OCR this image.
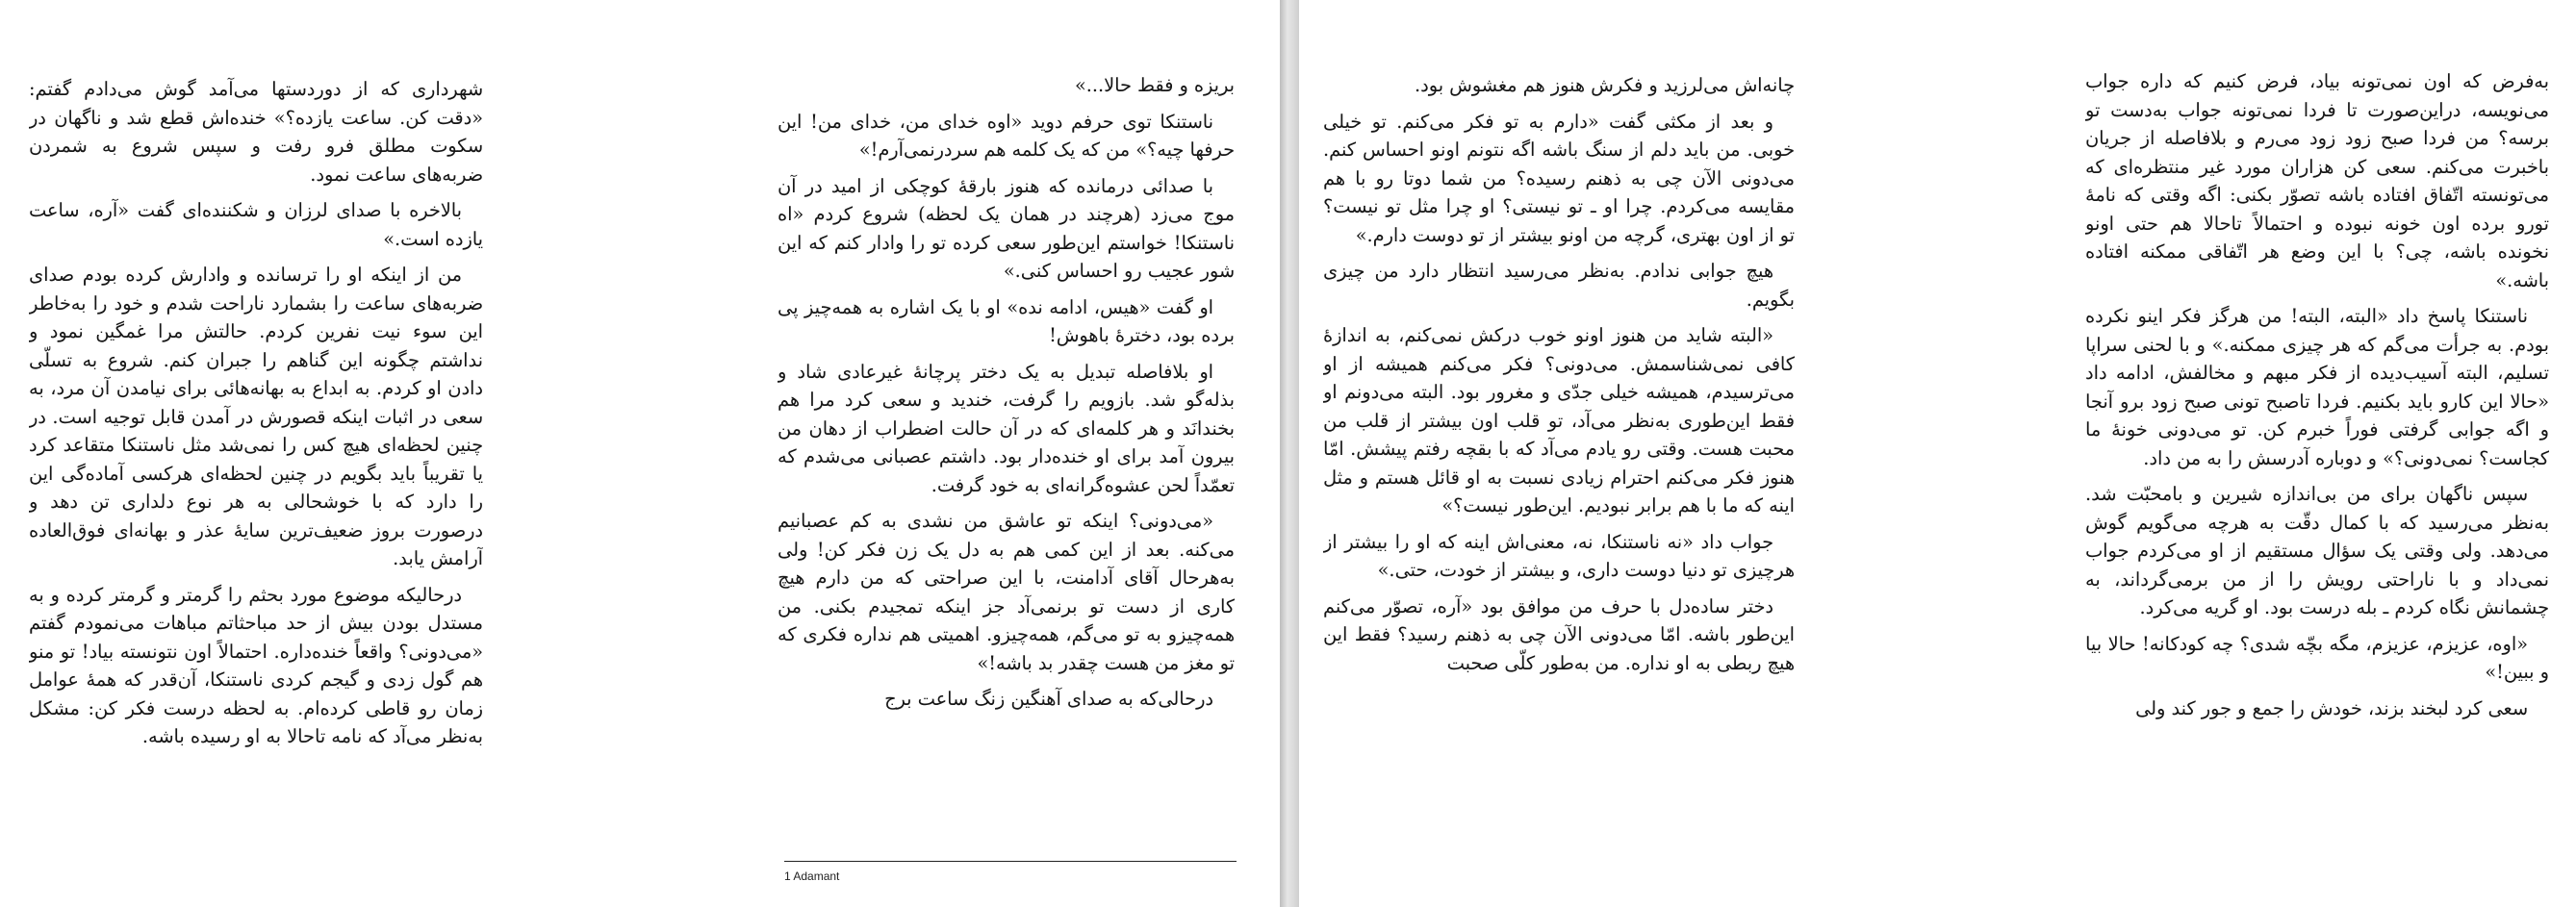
شهرداری که از دوردستها می‌آمد گوش می‌دادم گفتم: «دقت کن. ساعت یازده؟» خنده‌اش قطع شد و ناگهان در سکوت مطلق فرو رفت و سپس شروع به شمردن ضربه‌های ساعت نمود.

بالاخره با صدای لرزان و شکننده‌ای گفت «آره، ساعت یازده است.»

من از اینکه او را ترسانده و وادارش کرده بودم صدای ضربه‌های ساعت را بشمارد ناراحت شدم و خود را به‌خاطر این سوء نیت نفرین کردم. حالتش مرا غمگین نمود و نداشتم چگونه این گناهم را جبران کنم. شروع به تسلّی دادن او کردم. به ابداع به بهانه‌هائی برای نیامدن آن مرد، به سعی در اثبات اینکه قصورش در آمدن قابل توجیه است. در چنین لحظه‌ای هیچ کس را نمی‌شد مثل ناستنکا متقاعد کرد یا تقریباً باید بگویم در چنین لحظه‌ای هرکسی آماده‌گی این را دارد که با خوشحالی به هر نوع دلداری تن دهد و درصورت بروز ضعیف‌ترین سایهٔ عذر و بهانه‌ای فوق‌العاده آرامش یابد.

درحالیکه موضوع مورد بحثم را گرمتر و گرمتر کرده و به مستدل بودن بیش از حد مباحثاتم مباهات می‌نمودم گفتم «می‌دونی؟ واقعاً خنده‌داره. احتمالاً اون نتونسته بیاد! تو منو هم گول زدی و گیجم کردی ناستنکا، آن‌قدر که همهٔ عوامل زمان رو قاطی کرده‌ام. به لحظه درست فکر کن: مشکل به‌نظر می‌آد که نامه تاحالا به او رسیده باشه.

بریزه و فقط حالا...»

ناستنکا توی حرفم دوید «اوه خدای من، خدای من! این حرفها چیه؟» من که یک کلمه هم سردرنمی‌آرم!»

با صدائی درمانده که هنوز بارقهٔ کوچکی از امید در آن موج می‌زد (هرچند در همان یک لحظه) شروع کردم «اه ناستنکا! خواستم این‌طور سعی کرده تو را وادار کنم که این شور عجیب رو احساس کنی.»

او گفت «هیس، ادامه نده» او با یک اشاره به همه‌چیز پی برده بود، دخترهٔ باهوش!

او بلافاصله تبدیل به یک دختر پرچانهٔ غیرعادی شاد و بذله‌گو شد. بازویم را گرفت، خندید و سعی کرد مرا هم بخندانَد و هر کلمه‌ای که در آن حالت اضطراب از دهان من بیرون آمد برای او خنده‌دار بود. داشتم عصبانی می‌شدم که تعمّداً لحن عشوه‌گرانه‌ای به خود گرفت.

«می‌دونی؟ اینکه تو عاشق من نشدی به کم عصبانیم می‌کنه. بعد از این کمی هم به دل یک زن فکر کن! ولی به‌هرحال آقای آدامنت، با این صراحتی که من دارم هیچ کاری از دست تو برنمی‌آد جز اینکه تمجیدم بکنی. من همه‌چیزو به تو می‌گم، همه‌چیزو. اهمیتی هم نداره فکری که تو مغز من هست چقدر بد باشه!»

درحالی‌که به صدای آهنگین زنگ ساعت برج

1 Adamant

چانه‌اش می‌لرزید و فکرش هنوز هم مغشوش بود.

و بعد از مکثی گفت «دارم به تو فکر می‌کنم. تو خیلی خوبی. من باید دلم از سنگ باشه اگه نتونم اونو احساس کنم. می‌دونی الآن چی به ذهنم رسیده؟ من شما دوتا رو با هم مقایسه می‌کردم. چرا او ـ تو نیستی؟ او چرا مثل تو نیست؟ تو از اون بهتری، گرچه من اونو بیشتر از تو دوست دارم.»

هیچ جوابی ندادم. به‌نظر می‌رسید انتظار دارد من چیزی بگویم.

«البته شاید من هنوز اونو خوب درکش نمی‌کنم، به اندازهٔ کافی نمی‌شناسمش. می‌دونی؟ فکر می‌کنم همیشه از او می‌ترسیدم، همیشه خیلی جدّی و مغرور بود. البته می‌دونم او فقط این‌طوری به‌نظر می‌آد، تو قلب اون بیشتر از قلب من محبت هست. وقتی رو یادم می‌آد که با بقچه رفتم پیشش. امّا هنوز فکر می‌کنم احترام زیادی نسبت به او قائل هستم و مثل اینه که ما با هم برابر نبودیم. این‌طور نیست؟»

جواب داد «نه ناستنکا، نه، معنی‌اش اینه که او را بیشتر از هرچیزی تو دنیا دوست داری، و بیشتر از خودت، حتی.»

دختر ساده‌دل با حرف من موافق بود «آره، تصوّر می‌کنم این‌طور باشه. امّا می‌دونی الآن چی به ذهنم رسید؟ فقط این هیچ ربطی به او نداره. من به‌طور کلّی صحبت

به‌فرض که اون نمی‌تونه بیاد، فرض کنیم که داره جواب می‌نویسه، دراین‌صورت تا فردا نمی‌تونه جواب به‌دست تو برسه؟ من فردا صبح زود زود می‌رم و بلافاصله از جریان باخبرت می‌کنم. سعی کن هزاران مورد غیر منتظره‌ای که می‌تونسته اتّفاق افتاده باشه تصوّر بکنی: اگه وقتی که نامهٔ تورو برده اون خونه نبوده و احتمالاً تاحالا هم حتی اونو نخونده باشه، چی؟ با این وضع هر اتّفاقی ممکنه افتاده باشه.»

ناستنکا پاسخ داد «البته، البته! من هرگز فکر اینو نکرده بودم. به جرأت می‌گم که هر چیزی ممکنه.» و با لحنی سراپا تسلیم، البته آسیب‌دیده از فکر مبهم و مخالفش، ادامه داد «حالا این کارو باید بکنیم. فردا تاصبح تونی صبح زود برو آنجا و اگه جوابی گرفتی فوراً خبرم کن. تو می‌دونی خونهٔ ما کجاست؟ نمی‌دونی؟» و دوباره آدرسش را به من داد.

سپس ناگهان برای من بی‌اندازه شیرین و بامحبّت شد. به‌نظر می‌رسید که با کمال دقّت به هرچه می‌گویم گوش می‌دهد. ولی وقتی یک سؤال مستقیم از او می‌کردم جواب نمی‌داد و با ناراحتی رویش را از من برمی‌گرداند، به چشمانش نگاه کردم ـ بله درست بود. او گریه می‌کرد.

«اوه، عزیزم، عزیزم، مگه بچّه شدی؟ چه کودکانه! حالا بیا و ببین!»

سعی کرد لبخند بزند، خودش را جمع و جور کند ولی
